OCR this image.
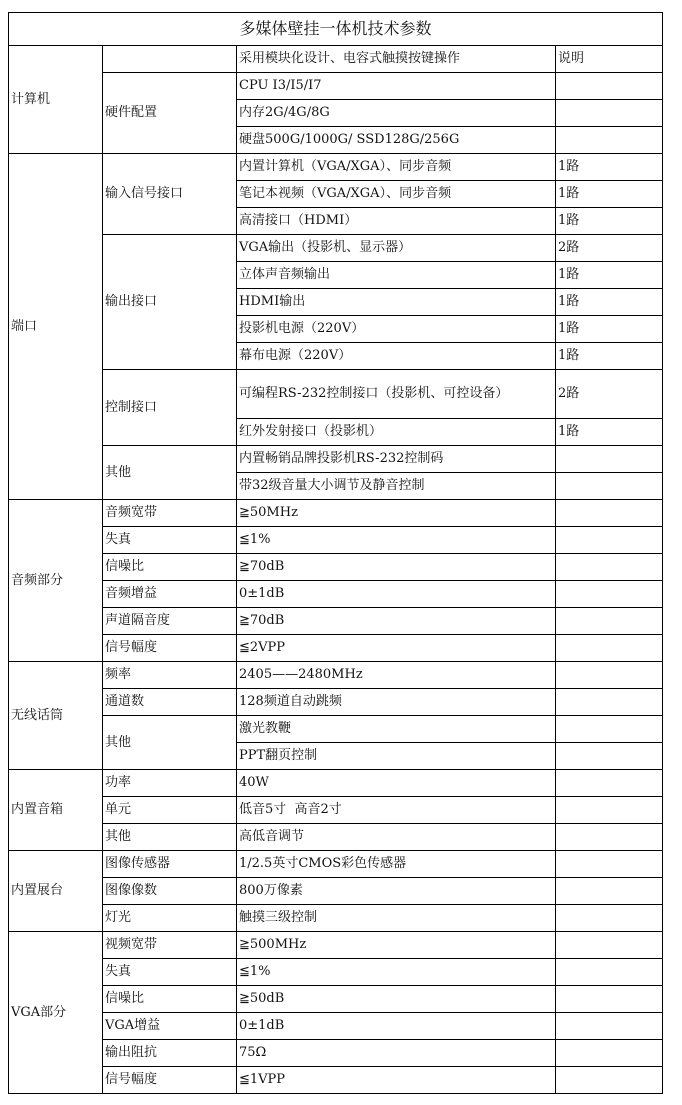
多媒体壁挂一体机技术参数			
计算机		采用模块化设计、电容式触摸按键操作	说明
	硬件配置	CPU I3/I5/I7	
		内存2G/4G/8G	
		硬盘500G/1000G/ SSD128G/256G	
端口	输入信号接口	内置计算机（VGA/XGA）、同步音频	1路
		笔记本视频（VGA/XGA）、同步音频	1路
		高清接口（HDMI）	1路
	输出接口	VGA输出（投影机、显示器）	2路
		立体声音频输出	1路
		HDMI输出	1路
		投影机电源（220V）	1路
		幕布电源（220V）	1路
	控制接口	可编程RS-232控制接口（投影机、可控设备）	2路
		红外发射接口（投影机）	1路
	其他	内置畅销品牌投影机RS-232控制码	
		带32级音量大小调节及静音控制	
音频部分	音频宽带	≧50MHz	
	失真	≦1%	
	信噪比	≧70dB	
	音频增益	0±1dB	
	声道隔音度	≧70dB	
	信号幅度	≦2VPP	
无线话筒	频率	2405——2480MHz	
	通道数	128频道自动跳频	
	其他	激光教鞭	
		PPT翻页控制	
内置音箱	功率	40W	
	单元	低音5寸  高音2寸	
	其他	高低音调节	
内置展台	图像传感器	1/2.5英寸CMOS彩色传感器	
	图像像数	800万像素	
	灯光	触摸三级控制	
VGA部分	视频宽带	≧500MHz	
	失真	≦1%	
	信噪比	≧50dB	
	VGA增益	0±1dB	
	输出阻抗	75Ω	
	信号幅度	≦1VPP	
